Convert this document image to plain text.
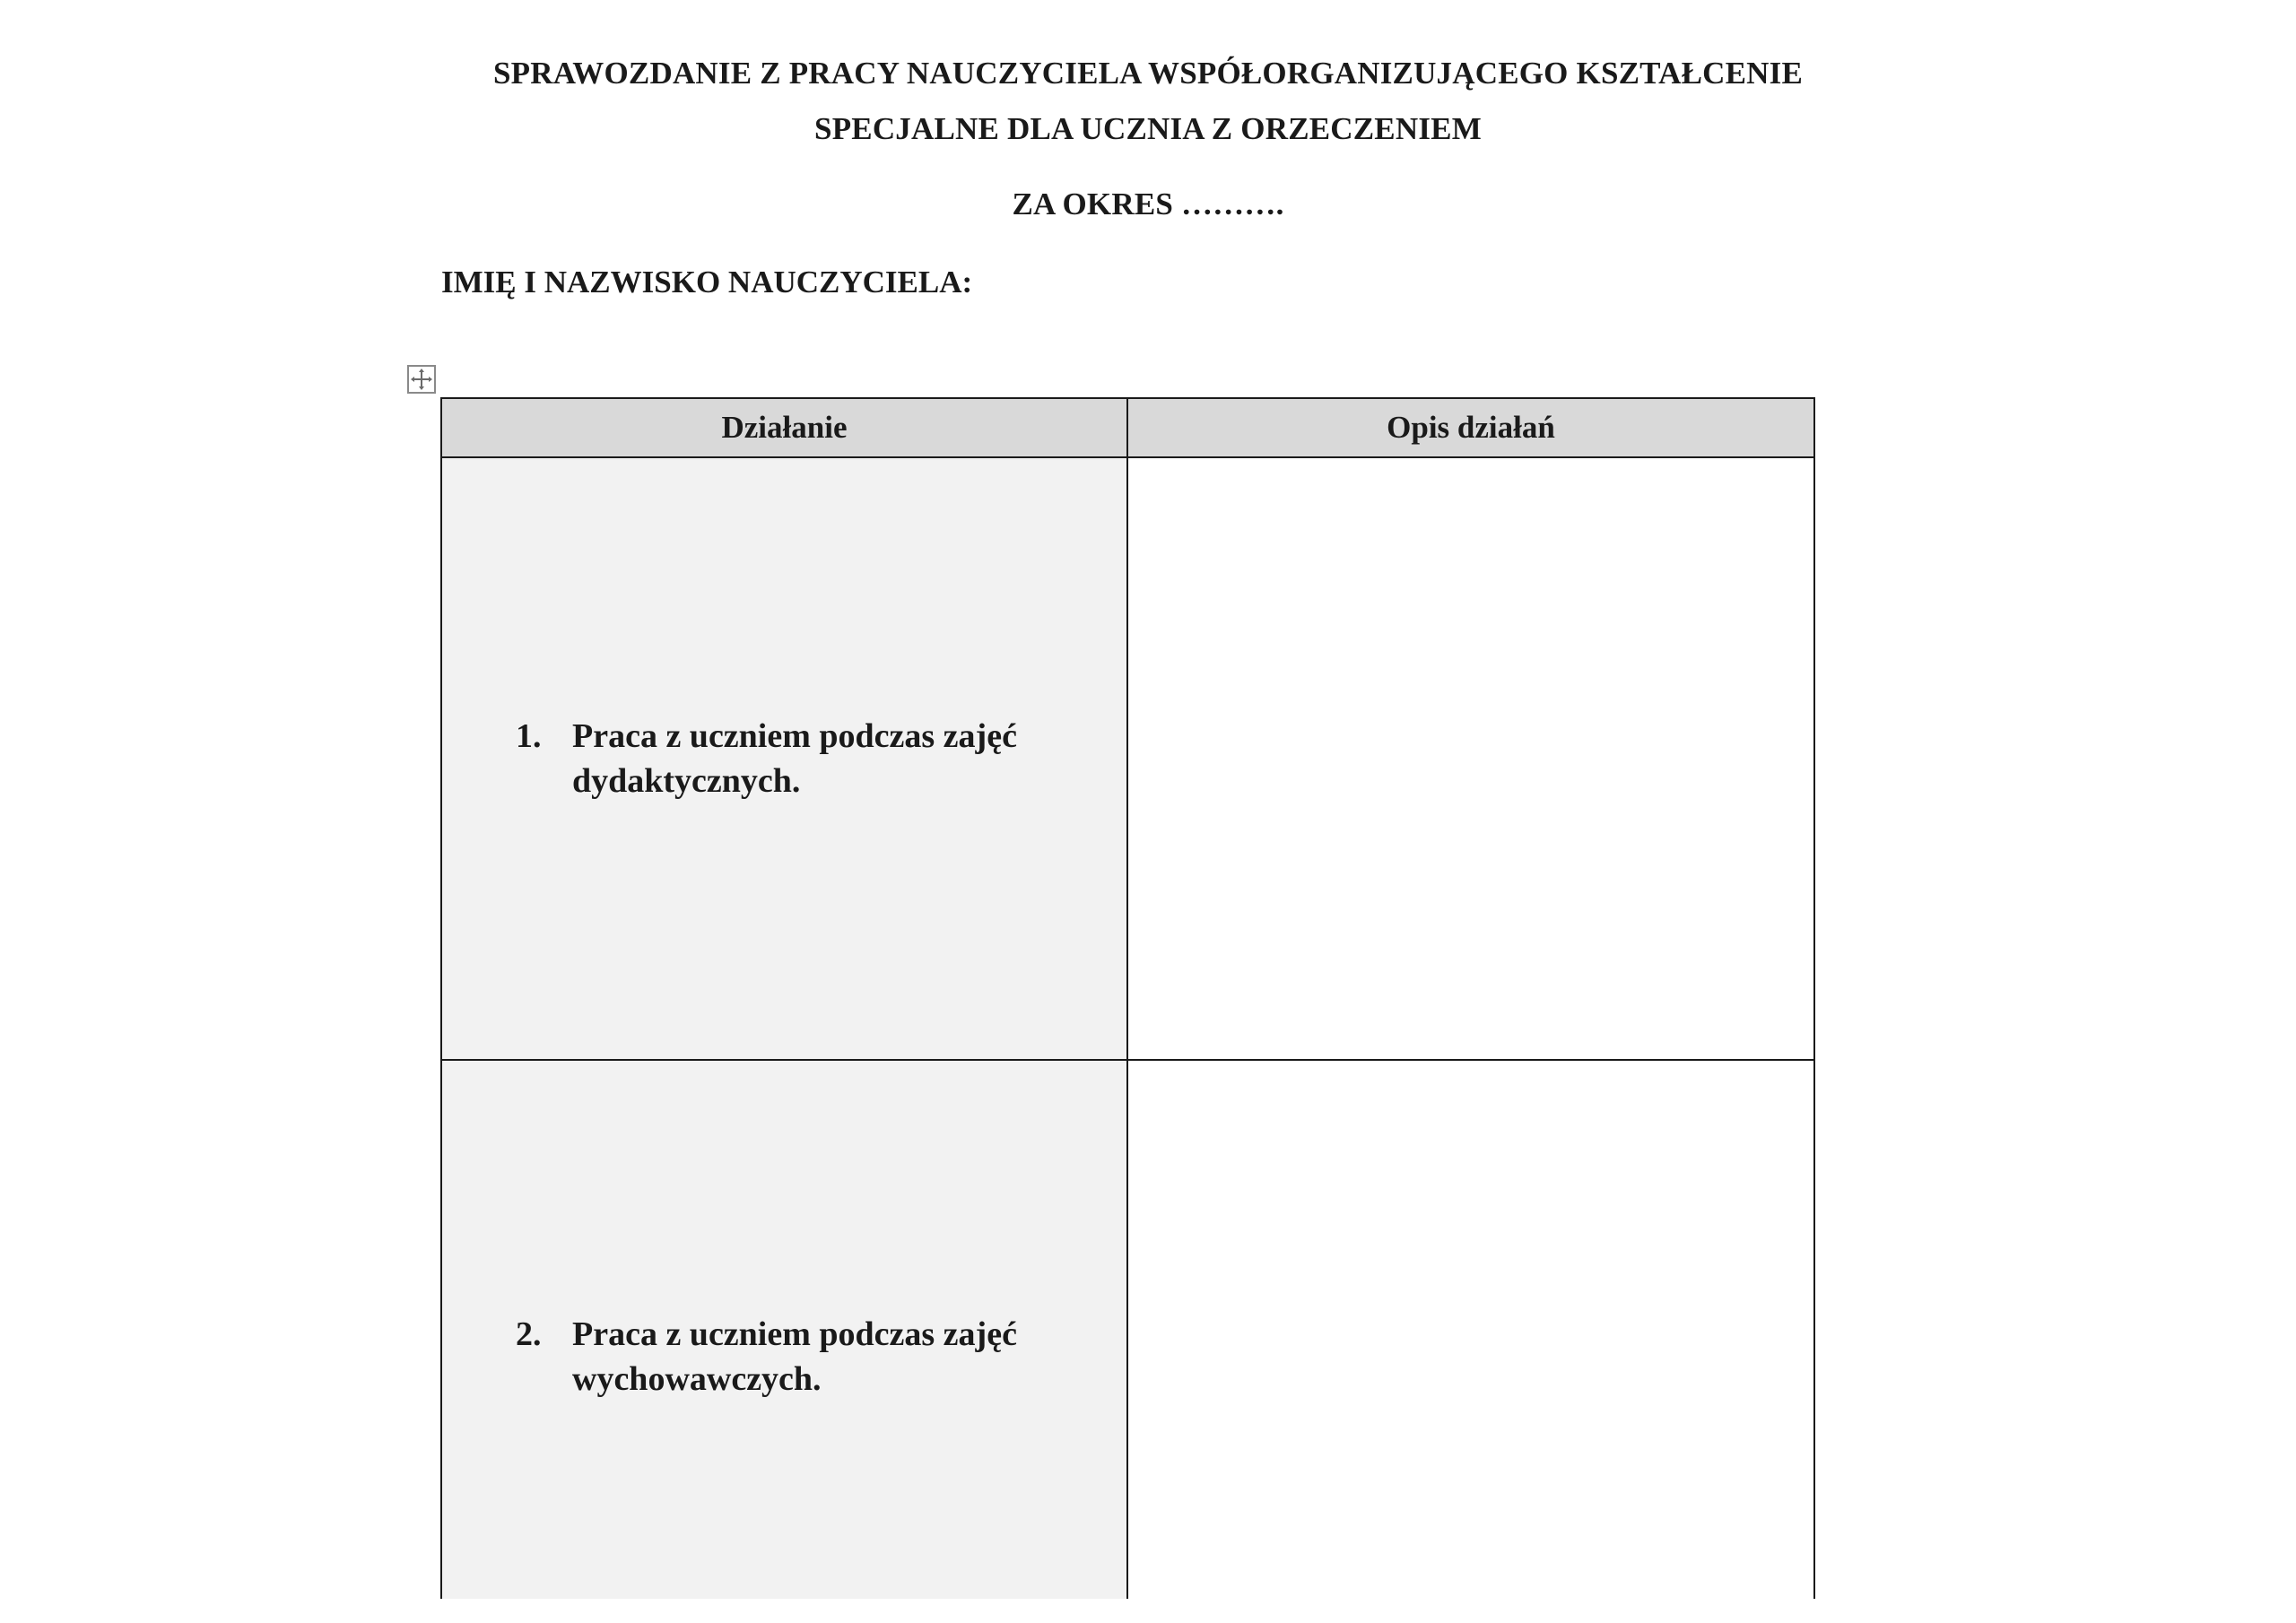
SPRAWOZDANIE Z PRACY NAUCZYCIELA WSPÓŁORGANIZUJĄCEGO KSZTAŁCENIE
SPECJALNE DLA UCZNIA Z ORZECZENIEM
ZA OKRES ……….
IMIĘ I NAZWISKO NAUCZYCIELA:
Działanie	Opis działań

1. Praca z uczniem podczas zajęć dydaktycznych.	

2. Praca z uczniem podczas zajęć wychowawczych.	
